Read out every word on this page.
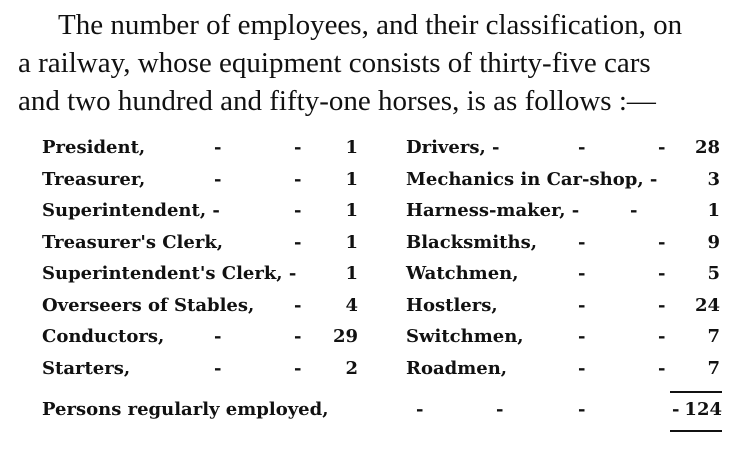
The number of employees, and their classification, on
a railway, whose equipment consists of thirty-five cars
and two hundred and fifty-one horses, is as follows :—
President,	-	- 1
Treasurer,	-	- 1
Superintendent, -	- 1
Treasurer's Clerk,	- 1
Superintendent's Clerk, -	1
Overseers of Stables, - 4
Conductors,	-	- 29
Starters,	-	- 2
Drivers, -	-	- 28
Mechanics in Car-shop, -	3
Harness-maker, -	-	1
Blacksmiths, -	- 9
Watchmen,	-	- 5
Hostlers,	-	- 24
Switchmen,	-	- 7
Roadmen,	-	- 7
Persons regularly employed,	-	-	-	- 124
